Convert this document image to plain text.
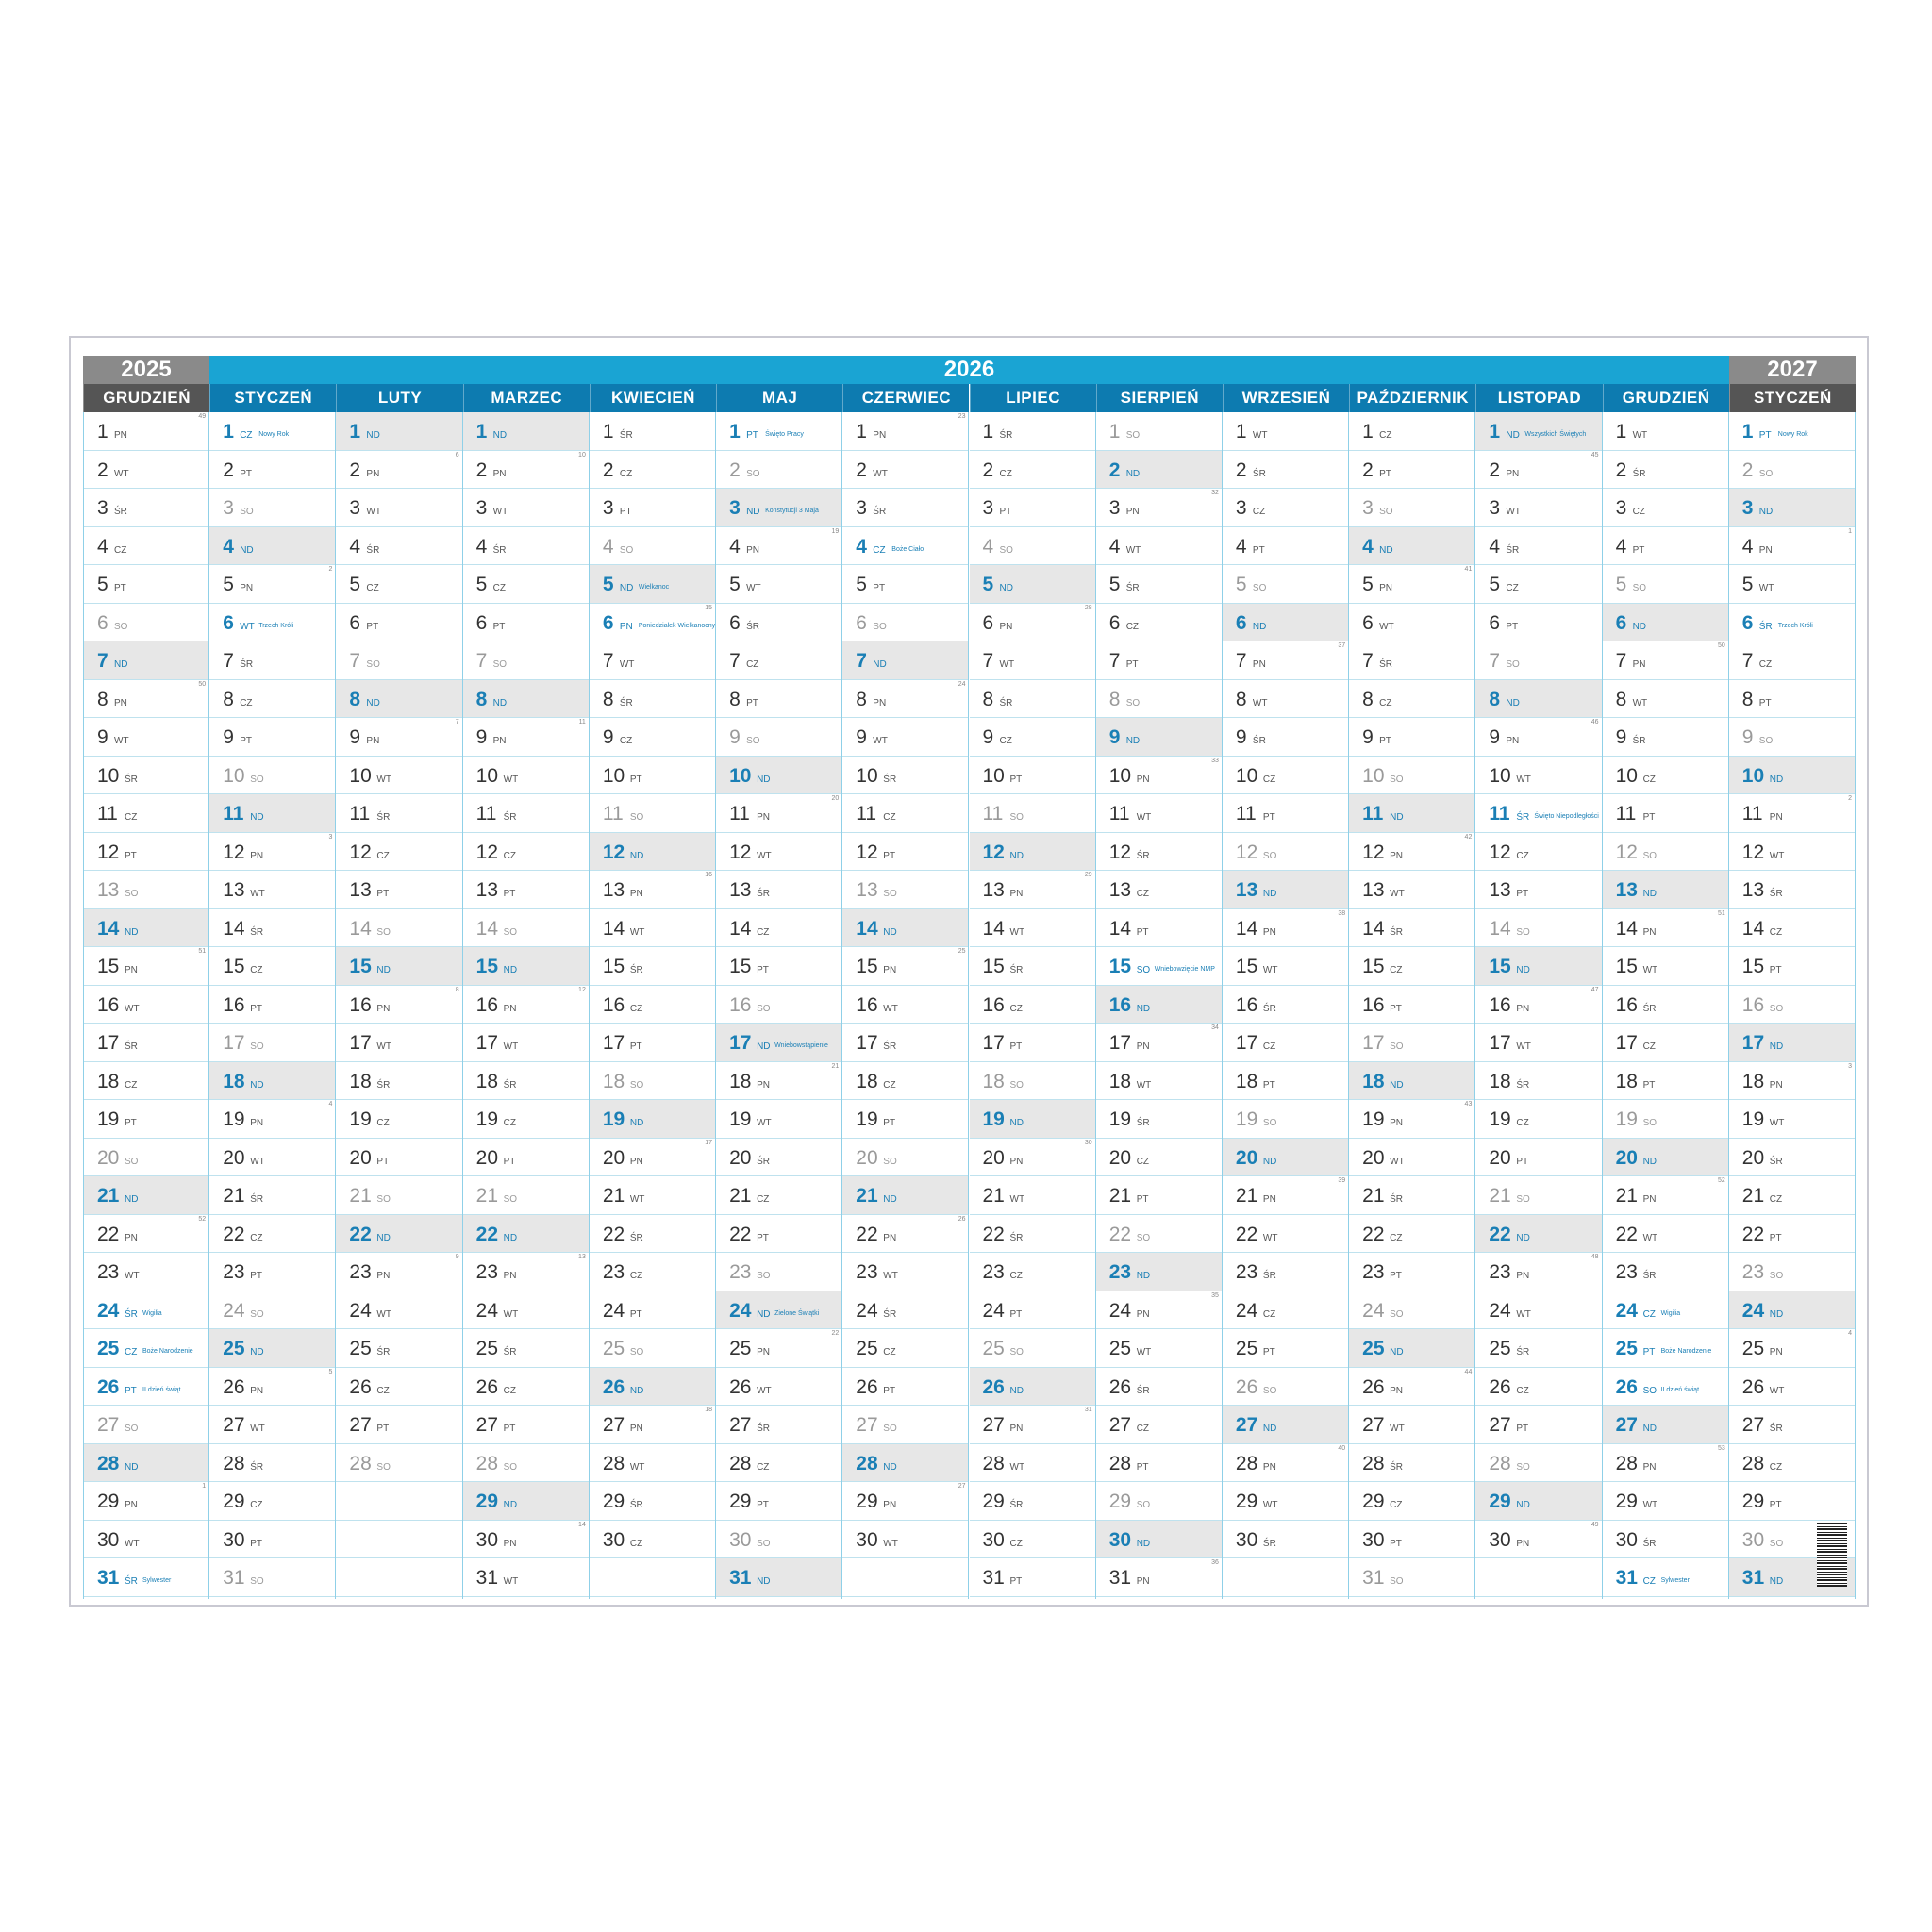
2025	2026	2027
GRUDZIEŃ
1 PN
49
2 WT
3 ŚR
4 CZ
5 PT
6 SO
7 ND
8 PN
50
9 WT
10 ŚR
11 CZ
12 PT
13 SO
14 ND
15 PN
51
16 WT
17 ŚR
18 CZ
19 PT
20 SO
21 ND
22 PN
52
23 WT
24 ŚR Wigilia
25 CZ Boże Narodzenie
26 PT II dzień świąt
27 SO
28 ND
29 PN
1
30 WT
31 ŚR Sylwester
STYCZEŃ
1 CZ Nowy Rok
2 PT
3 SO
4 ND
5 PN
2
6 WT Trzech Króli
7 ŚR
8 CZ
9 PT
10 SO
11 ND
12 PN
3
13 WT
14 ŚR
15 CZ
16 PT
17 SO
18 ND
19 PN
4
20 WT
21 ŚR
22 CZ
23 PT
24 SO
25 ND
26 PN
5
27 WT
28 ŚR
29 CZ
30 PT
31 SO
LUTY
1 ND
2 PN
6
3 WT
4 ŚR
5 CZ
6 PT
7 SO
8 ND
9 PN
7
10 WT
11 ŚR
12 CZ
13 PT
14 SO
15 ND
16 PN
8
17 WT
18 ŚR
19 CZ
20 PT
21 SO
22 ND
23 PN
9
24 WT
25 ŚR
26 CZ
27 PT
28 SO
MARZEC
1 ND
2 PN
10
3 WT
4 ŚR
5 CZ
6 PT
7 SO
8 ND
9 PN
11
10 WT
11 ŚR
12 CZ
13 PT
14 SO
15 ND
16 PN
12
17 WT
18 ŚR
19 CZ
20 PT
21 SO
22 ND
23 PN
13
24 WT
25 ŚR
26 CZ
27 PT
28 SO
29 ND
30 PN
14
31 WT
KWIECIEŃ
1 ŚR
2 CZ
3 PT
4 SO
5 ND Wielkanoc
6 PN Poniedziałek Wielkanocny
15
7 WT
8 ŚR
9 CZ
10 PT
11 SO
12 ND
13 PN
16
14 WT
15 ŚR
16 CZ
17 PT
18 SO
19 ND
20 PN
17
21 WT
22 ŚR
23 CZ
24 PT
25 SO
26 ND
27 PN
18
28 WT
29 ŚR
30 CZ
MAJ
1 PT Święto Pracy
2 SO
3 ND Konstytucji 3 Maja
4 PN
19
5 WT
6 ŚR
7 CZ
8 PT
9 SO
10 ND
11 PN
20
12 WT
13 ŚR
14 CZ
15 PT
16 SO
17 ND Wniebowstąpienie
18 PN
21
19 WT
20 ŚR
21 CZ
22 PT
23 SO
24 ND Zielone Świątki
25 PN
22
26 WT
27 ŚR
28 CZ
29 PT
30 SO
31 ND
CZERWIEC
1 PN
23
2 WT
3 ŚR
4 CZ Boże Ciało
5 PT
6 SO
7 ND
8 PN
24
9 WT
10 ŚR
11 CZ
12 PT
13 SO
14 ND
15 PN
25
16 WT
17 ŚR
18 CZ
19 PT
20 SO
21 ND
22 PN
26
23 WT
24 ŚR
25 CZ
26 PT
27 SO
28 ND
29 PN
27
30 WT
LIPIEC
1 ŚR
2 CZ
3 PT
4 SO
5 ND
6 PN
28
7 WT
8 ŚR
9 CZ
10 PT
11 SO
12 ND
13 PN
29
14 WT
15 ŚR
16 CZ
17 PT
18 SO
19 ND
20 PN
30
21 WT
22 ŚR
23 CZ
24 PT
25 SO
26 ND
27 PN
31
28 WT
29 ŚR
30 CZ
31 PT
SIERPIEŃ
1 SO
2 ND
3 PN
32
4 WT
5 ŚR
6 CZ
7 PT
8 SO
9 ND
10 PN
33
11 WT
12 ŚR
13 CZ
14 PT
15 SO Wniebowzięcie NMP
16 ND
17 PN
34
18 WT
19 ŚR
20 CZ
21 PT
22 SO
23 ND
24 PN
35
25 WT
26 ŚR
27 CZ
28 PT
29 SO
30 ND
31 PN
36
WRZESIEŃ
1 WT
2 ŚR
3 CZ
4 PT
5 SO
6 ND
7 PN
37
8 WT
9 ŚR
10 CZ
11 PT
12 SO
13 ND
14 PN
38
15 WT
16 ŚR
17 CZ
18 PT
19 SO
20 ND
21 PN
39
22 WT
23 ŚR
24 CZ
25 PT
26 SO
27 ND
28 PN
40
29 WT
30 ŚR
PAŹDZIERNIK
1 CZ
2 PT
3 SO
4 ND
5 PN
41
6 WT
7 ŚR
8 CZ
9 PT
10 SO
11 ND
12 PN
42
13 WT
14 ŚR
15 CZ
16 PT
17 SO
18 ND
19 PN
43
20 WT
21 ŚR
22 CZ
23 PT
24 SO
25 ND
26 PN
44
27 WT
28 ŚR
29 CZ
30 PT
31 SO
LISTOPAD
1 ND Wszystkich Świętych
2 PN
45
3 WT
4 ŚR
5 CZ
6 PT
7 SO
8 ND
9 PN
46
10 WT
11 ŚR Święto Niepodległości
12 CZ
13 PT
14 SO
15 ND
16 PN
47
17 WT
18 ŚR
19 CZ
20 PT
21 SO
22 ND
23 PN
48
24 WT
25 ŚR
26 CZ
27 PT
28 SO
29 ND
30 PN
49
GRUDZIEŃ
1 WT
2 ŚR
3 CZ
4 PT
5 SO
6 ND
7 PN
50
8 WT
9 ŚR
10 CZ
11 PT
12 SO
13 ND
14 PN
51
15 WT
16 ŚR
17 CZ
18 PT
19 SO
20 ND
21 PN
52
22 WT
23 ŚR
24 CZ Wigilia
25 PT Boże Narodzenie
26 SO II dzień świąt
27 ND
28 PN
53
29 WT
30 ŚR
31 CZ Sylwester
STYCZEŃ
1 PT Nowy Rok
2 SO
3 ND
4 PN
1
5 WT
6 ŚR Trzech Króli
7 CZ
8 PT
9 SO
10 ND
11 PN
2
12 WT
13 ŚR
14 CZ
15 PT
16 SO
17 ND
18 PN
3
19 WT
20 ŚR
21 CZ
22 PT
23 SO
24 ND
25 PN
4
26 WT
27 ŚR
28 CZ
29 PT
30 SO
31 ND
